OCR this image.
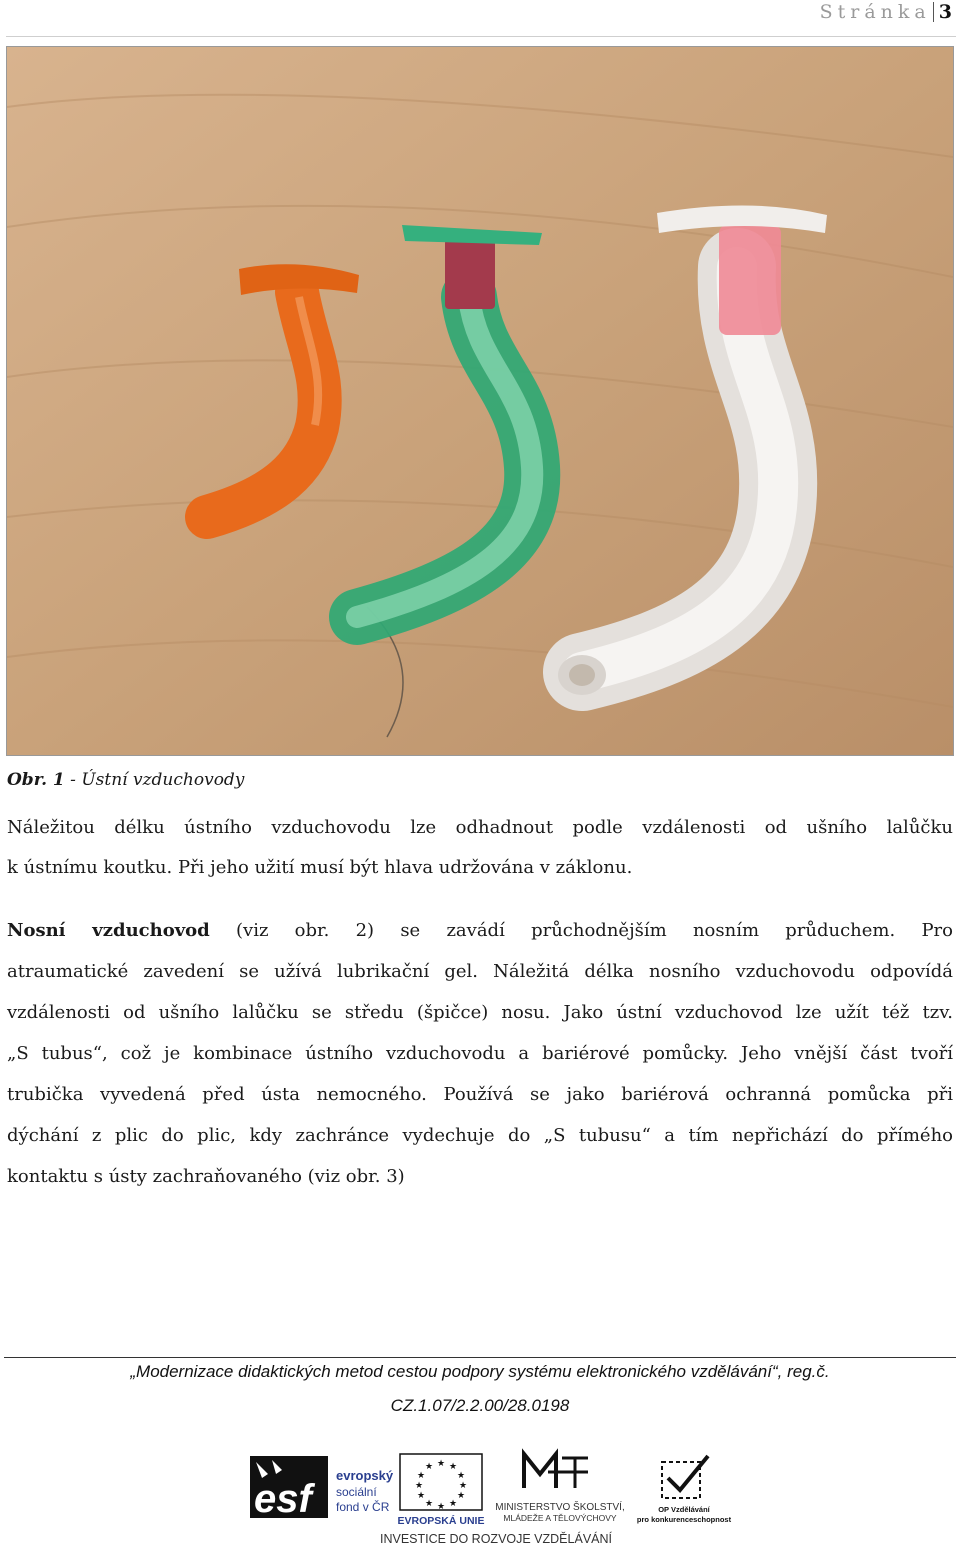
Stránka 3
Obr. 1 - Ústní vzduchovody
Náležitou délku ústního vzduchovodu lze odhadnout podle vzdálenosti od ušního lalůčku
k ústnímu koutku. Při jeho užití musí být hlava udržována v záklonu.
Nosní vzduchovod (viz obr. 2) se zavádí průchodnějším nosním průduchem. Pro
atraumatické zavedení se užívá lubrikační gel. Náležitá délka nosního vzduchovodu odpovídá
vzdálenosti od ušního lalůčku se středu (špičce) nosu. Jako ústní vzduchovod lze užít též tzv.
„S tubus“, což je kombinace ústního vzduchovodu a bariérové pomůcky. Jeho vnější část tvoří
trubička vyvedená před ústa nemocného. Používá se jako bariérová ochranná pomůcka při
dýchání z plic do plic, kdy zachránce vydechuje do „S tubusu“ a tím nepřichází do přímého
kontaktu s ústy zachraňovaného (viz obr. 3)
„Modernizace didaktických metod cestou podpory systému elektronického vzdělávání“, reg.č.
CZ.1.07/2.2.00/28.0198
esf
evropský
sociální
fond v ČR
★ ★
★
★
★
★
★
★
★
★
★
★
EVROPSKÁ UNIE
MINISTERSTVO ŠKOLSTVÍ,
MLÁDEŽE A TĚLOVÝCHOVY
OP Vzdělávání
pro konkurenceschopnost
INVESTICE DO ROZVOJE VZDĚLÁVÁNÍ
